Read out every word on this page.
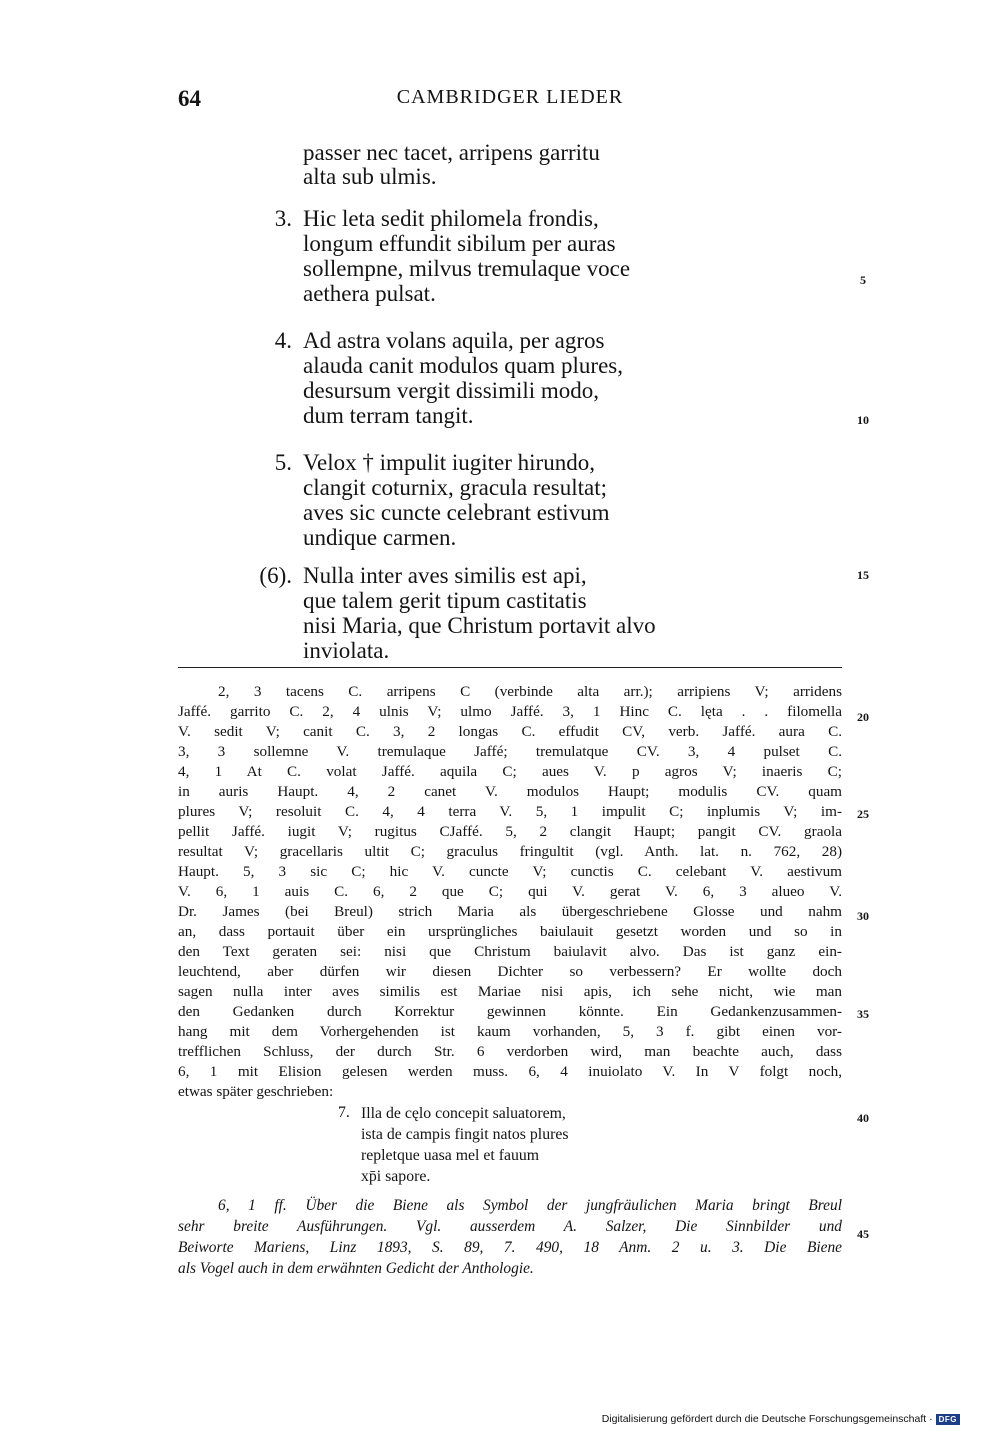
64	CAMBRIDGER LIEDER
passer nec tacet, arripens garritu
alta sub ulmis.
3. Hic leta sedit philomela frondis,
longum effundit sibilum per auras
sollempne, milvus tremulaque voce
aethera pulsat.
4. Ad astra volans aquila, per agros
alauda canit modulos quam plures,
desursum vergit dissimili modo,
dum terram tangit.
5. Velox † impulit iugiter hirundo,
clangit coturnix, gracula resultat;
aves sic cuncte celebrant estivum
undique carmen.
(6). Nulla inter aves similis est api,
que talem gerit tipum castitatis
nisi Maria, que Christum portavit alvo
inviolata.
5
10
15
20
25
30
35
40
45
2, 3 tacens C. arripens C (verbinde alta arr.); arripiens V; arridens
Jaffé. garrito C. 2, 4 ulnis V; ulmo Jaffé. 3, 1 Hinc C. lęta . . filomella
V. sedit V; canit C. 3, 2 longas C. effudit CV, verb. Jaffé. aura C.
3, 3 sollemne V. tremulaque Jaffé; tremulatque CV. 3, 4 pulset C.
4, 1 At C. volat Jaffé. aquila C; aues V. p agros V; inaeris C;
in auris Haupt. 4, 2 canet V. modulos Haupt; modulis CV. quam
plures V; resoluit C. 4, 4 terra V. 5, 1 impulit C; inplumis V; im-
pellit Jaffé. iugit V; rugitus CJaffé. 5, 2 clangit Haupt; pangit CV. graola
resultat V; gracellaris ultit C; graculus fringultit (vgl. Anth. lat. n. 762, 28)
Haupt. 5, 3 sic C; hic V. cuncte V; cunctis C. celebant V. aestivum
V. 6, 1 auis C. 6, 2 que C; qui V. gerat V. 6, 3 alueo V.
Dr. James (bei Breul) strich Maria als übergeschriebene Glosse und nahm
an, dass portauit über ein ursprüngliches baiulauit gesetzt worden und so in
den Text geraten sei: nisi que Christum baiulavit alvo. Das ist ganz ein-
leuchtend, aber dürfen wir diesen Dichter so verbessern? Er wollte doch
sagen nulla inter aves similis est Mariae nisi apis, ich sehe nicht, wie man
den Gedanken durch Korrektur gewinnen könnte. Ein Gedankenzusammen-
hang mit dem Vorhergehenden ist kaum vorhanden, 5, 3 f. gibt einen vor-
trefflichen Schluss, der durch Str. 6 verdorben wird, man beachte auch, dass
6, 1 mit Elision gelesen werden muss. 6, 4 inuiolato V. In V folgt noch,
etwas später geschrieben:
7. Illa de cęlo concepit saluatorem,
ista de campis fingit natos plures
repletque uasa mel et fauum
xp̄i sapore.
6, 1 ff. Über die Biene als Symbol der jungfräulichen Maria bringt Breul
sehr breite Ausführungen. Vgl. ausserdem A. Salzer, Die Sinnbilder und
Beiworte Mariens, Linz 1893, S. 89, 7. 490, 18 Anm. 2 u. 3. Die Biene
als Vogel auch in dem erwähnten Gedicht der Anthologie.
Digitalisierung gefördert durch die Deutsche Forschungsgemeinschaft · DFG
